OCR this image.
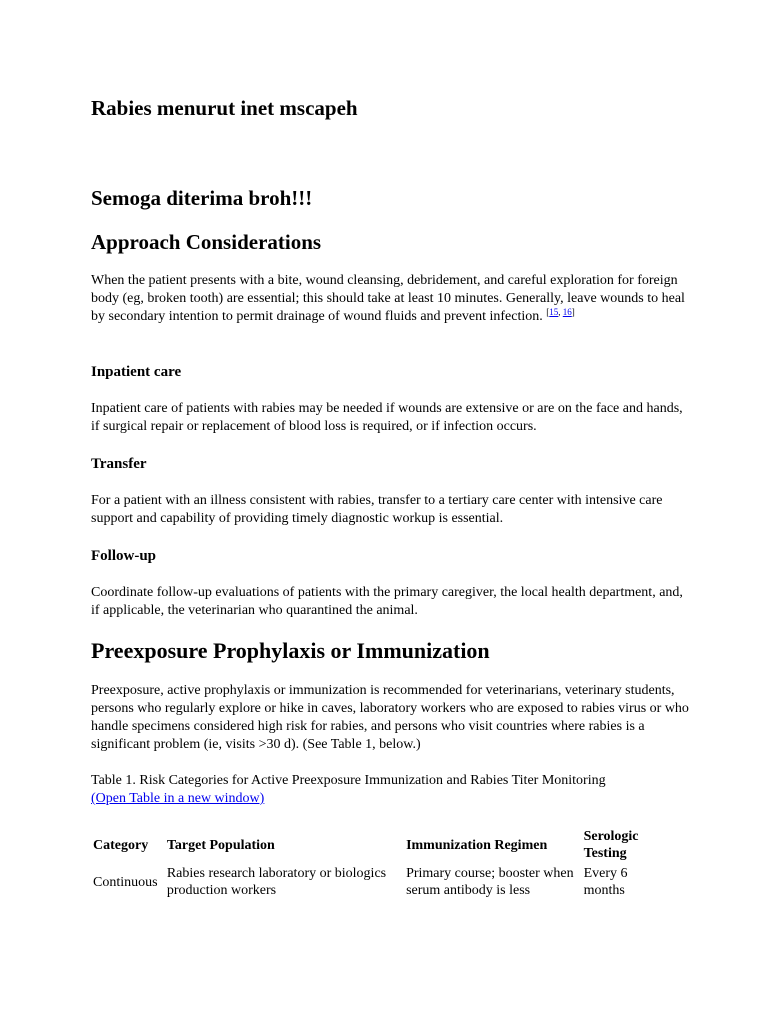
Rabies menurut inet mscapeh
Semoga diterima broh!!!
Approach Considerations

When the patient presents with a bite, wound cleansing, debridement, and careful exploration for foreign body (eg, broken tooth) are essential; this should take at least 10 minutes. Generally, leave wounds to heal by secondary intention to permit drainage of wound fluids and prevent infection. [15, 16]

Inpatient care

Inpatient care of patients with rabies may be needed if wounds are extensive or are on the face and hands, if surgical repair or replacement of blood loss is required, or if infection occurs.

Transfer

For a patient with an illness consistent with rabies, transfer to a tertiary care center with intensive care support and capability of providing timely diagnostic workup is essential.

Follow-up

Coordinate follow-up evaluations of patients with the primary caregiver, the local health department, and, if applicable, the veterinarian who quarantined the animal.

Preexposure Prophylaxis or Immunization

Preexposure, active prophylaxis or immunization is recommended for veterinarians, veterinary students, persons who regularly explore or hike in caves, laboratory workers who are exposed to rabies virus or who handle specimens considered high risk for rabies, and persons who visit countries where rabies is a significant problem (ie, visits >30 d). (See Table 1, below.)

Table 1. Risk Categories for Active Preexposure Immunization and Rabies Titer Monitoring
(Open Table in a new window)

Category	Target Population	Immunization Regimen	Serologic Testing
Continuous	Rabies research laboratory or biologics production workers	Primary course; booster when serum antibody is less	Every 6 months
